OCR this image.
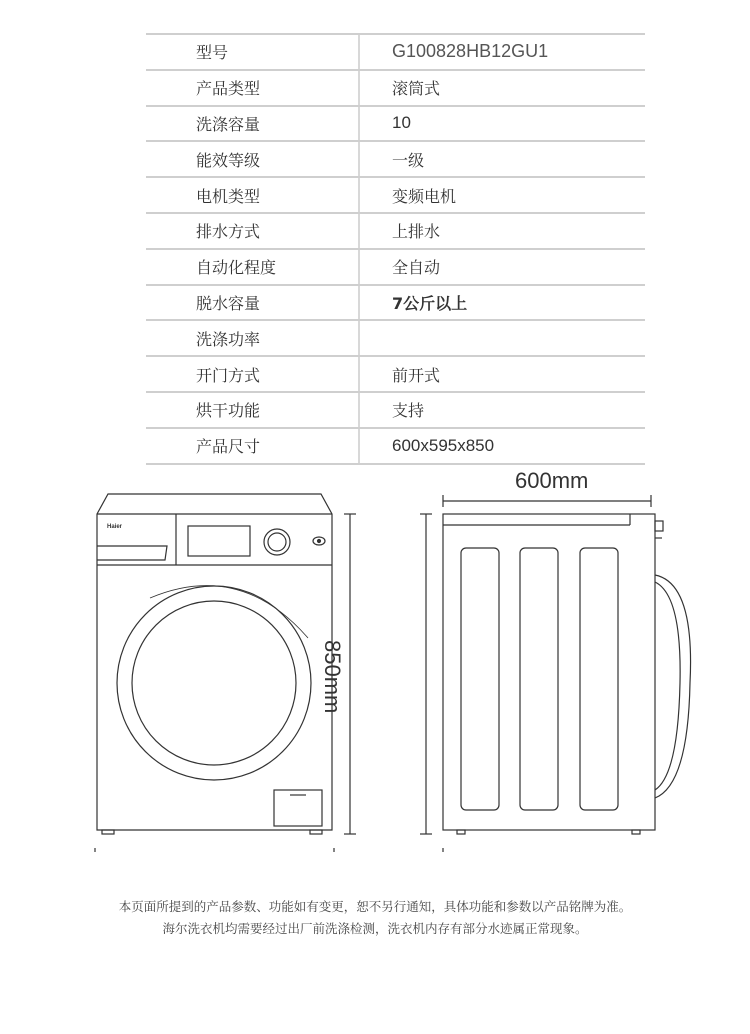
型号	G100828HB12GU1
产品类型	滚筒式
洗涤容量	10
能效等级	一级
电机类型	变频电机
排水方式	上排水
自动化程度	全自动
脱水容量	7公斤以上
洗涤功率
开门方式	前开式
烘干功能	支持
产品尺寸	600x595x850
Haier
600mm
850mm
本页面所提到的产品参数、功能如有变更，恕不另行通知，具体功能和参数以产品铭牌为准。
海尔洗衣机均需要经过出厂前洗涤检测，洗衣机内存有部分水迹属正常现象。
